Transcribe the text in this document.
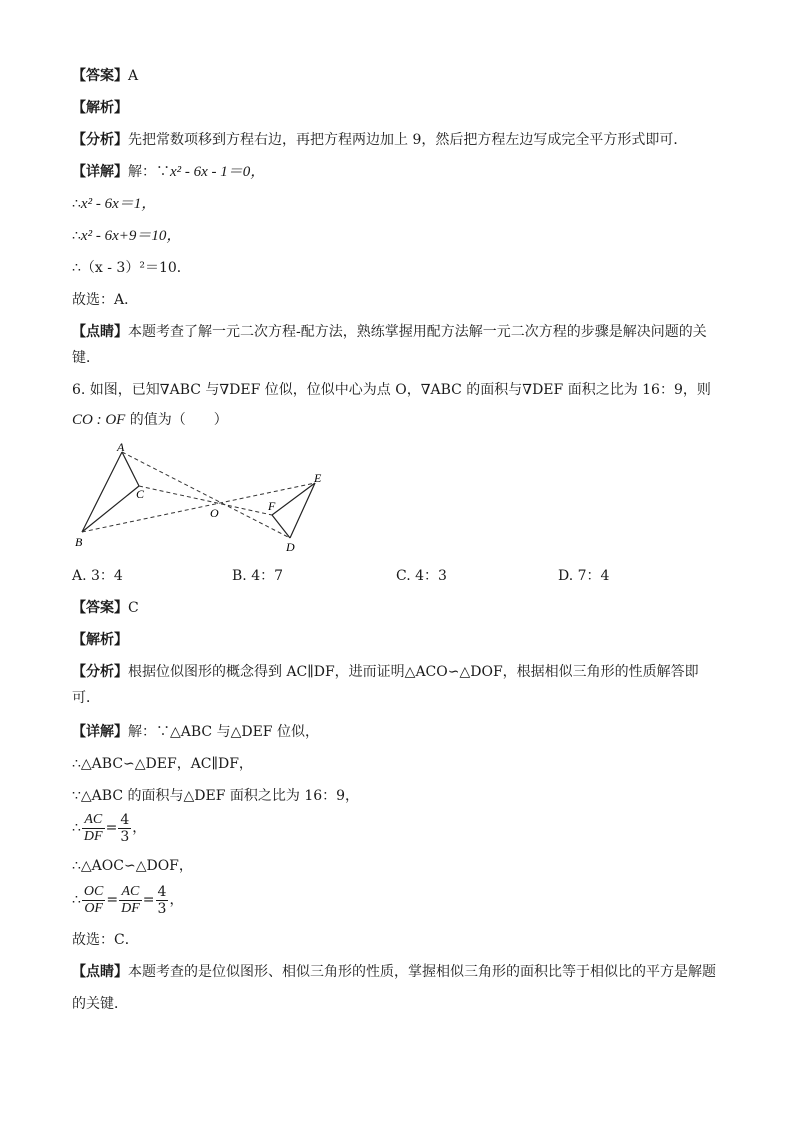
【答案】A
【解析】
【分析】先把常数项移到方程右边，再把方程两边加上 9，然后把方程左边写成完全平方形式即可．
【详解】解：∵x² - 6x - 1＝0，
∴x² - 6x＝1，
∴x² - 6x+9＝10，
∴（x - 3）²＝10．
故选：A．
【点睛】本题考查了解一元二次方程-配方法，熟练掌握用配方法解一元二次方程的步骤是解决问题的关
键．
6. 如图，已知∇ABC 与∇DEF 位似，位似中心为点 O，∇ABC 的面积与∇DEF 面积之比为 16：9，则
CO : OF 的值为（　　）
A
B
C
O
E
F
D
A. 3：4	B. 4：7	C. 4：3	D. 7：4
【答案】C
【解析】
【分析】根据位似图形的概念得到 AC∥DF，进而证明△ACO∽△DOF，根据相似三角形的性质解答即
可．
【详解】解：∵△ABC 与△DEF 位似，
∴△ABC∽△DEF，AC∥DF，
∵△ABC 的面积与△DEF 面积之比为 16：9，
∴ $\frac{AC}{DF} = \frac{4}{3}$ ，
∴△AOC∽△DOF，
∴ $\frac{OC}{OF} = \frac{AC}{DF} = \frac{4}{3}$ ，
故选：C．
【点睛】本题考查的是位似图形、相似三角形的性质，掌握相似三角形的面积比等于相似比的平方是解题
的关键．
